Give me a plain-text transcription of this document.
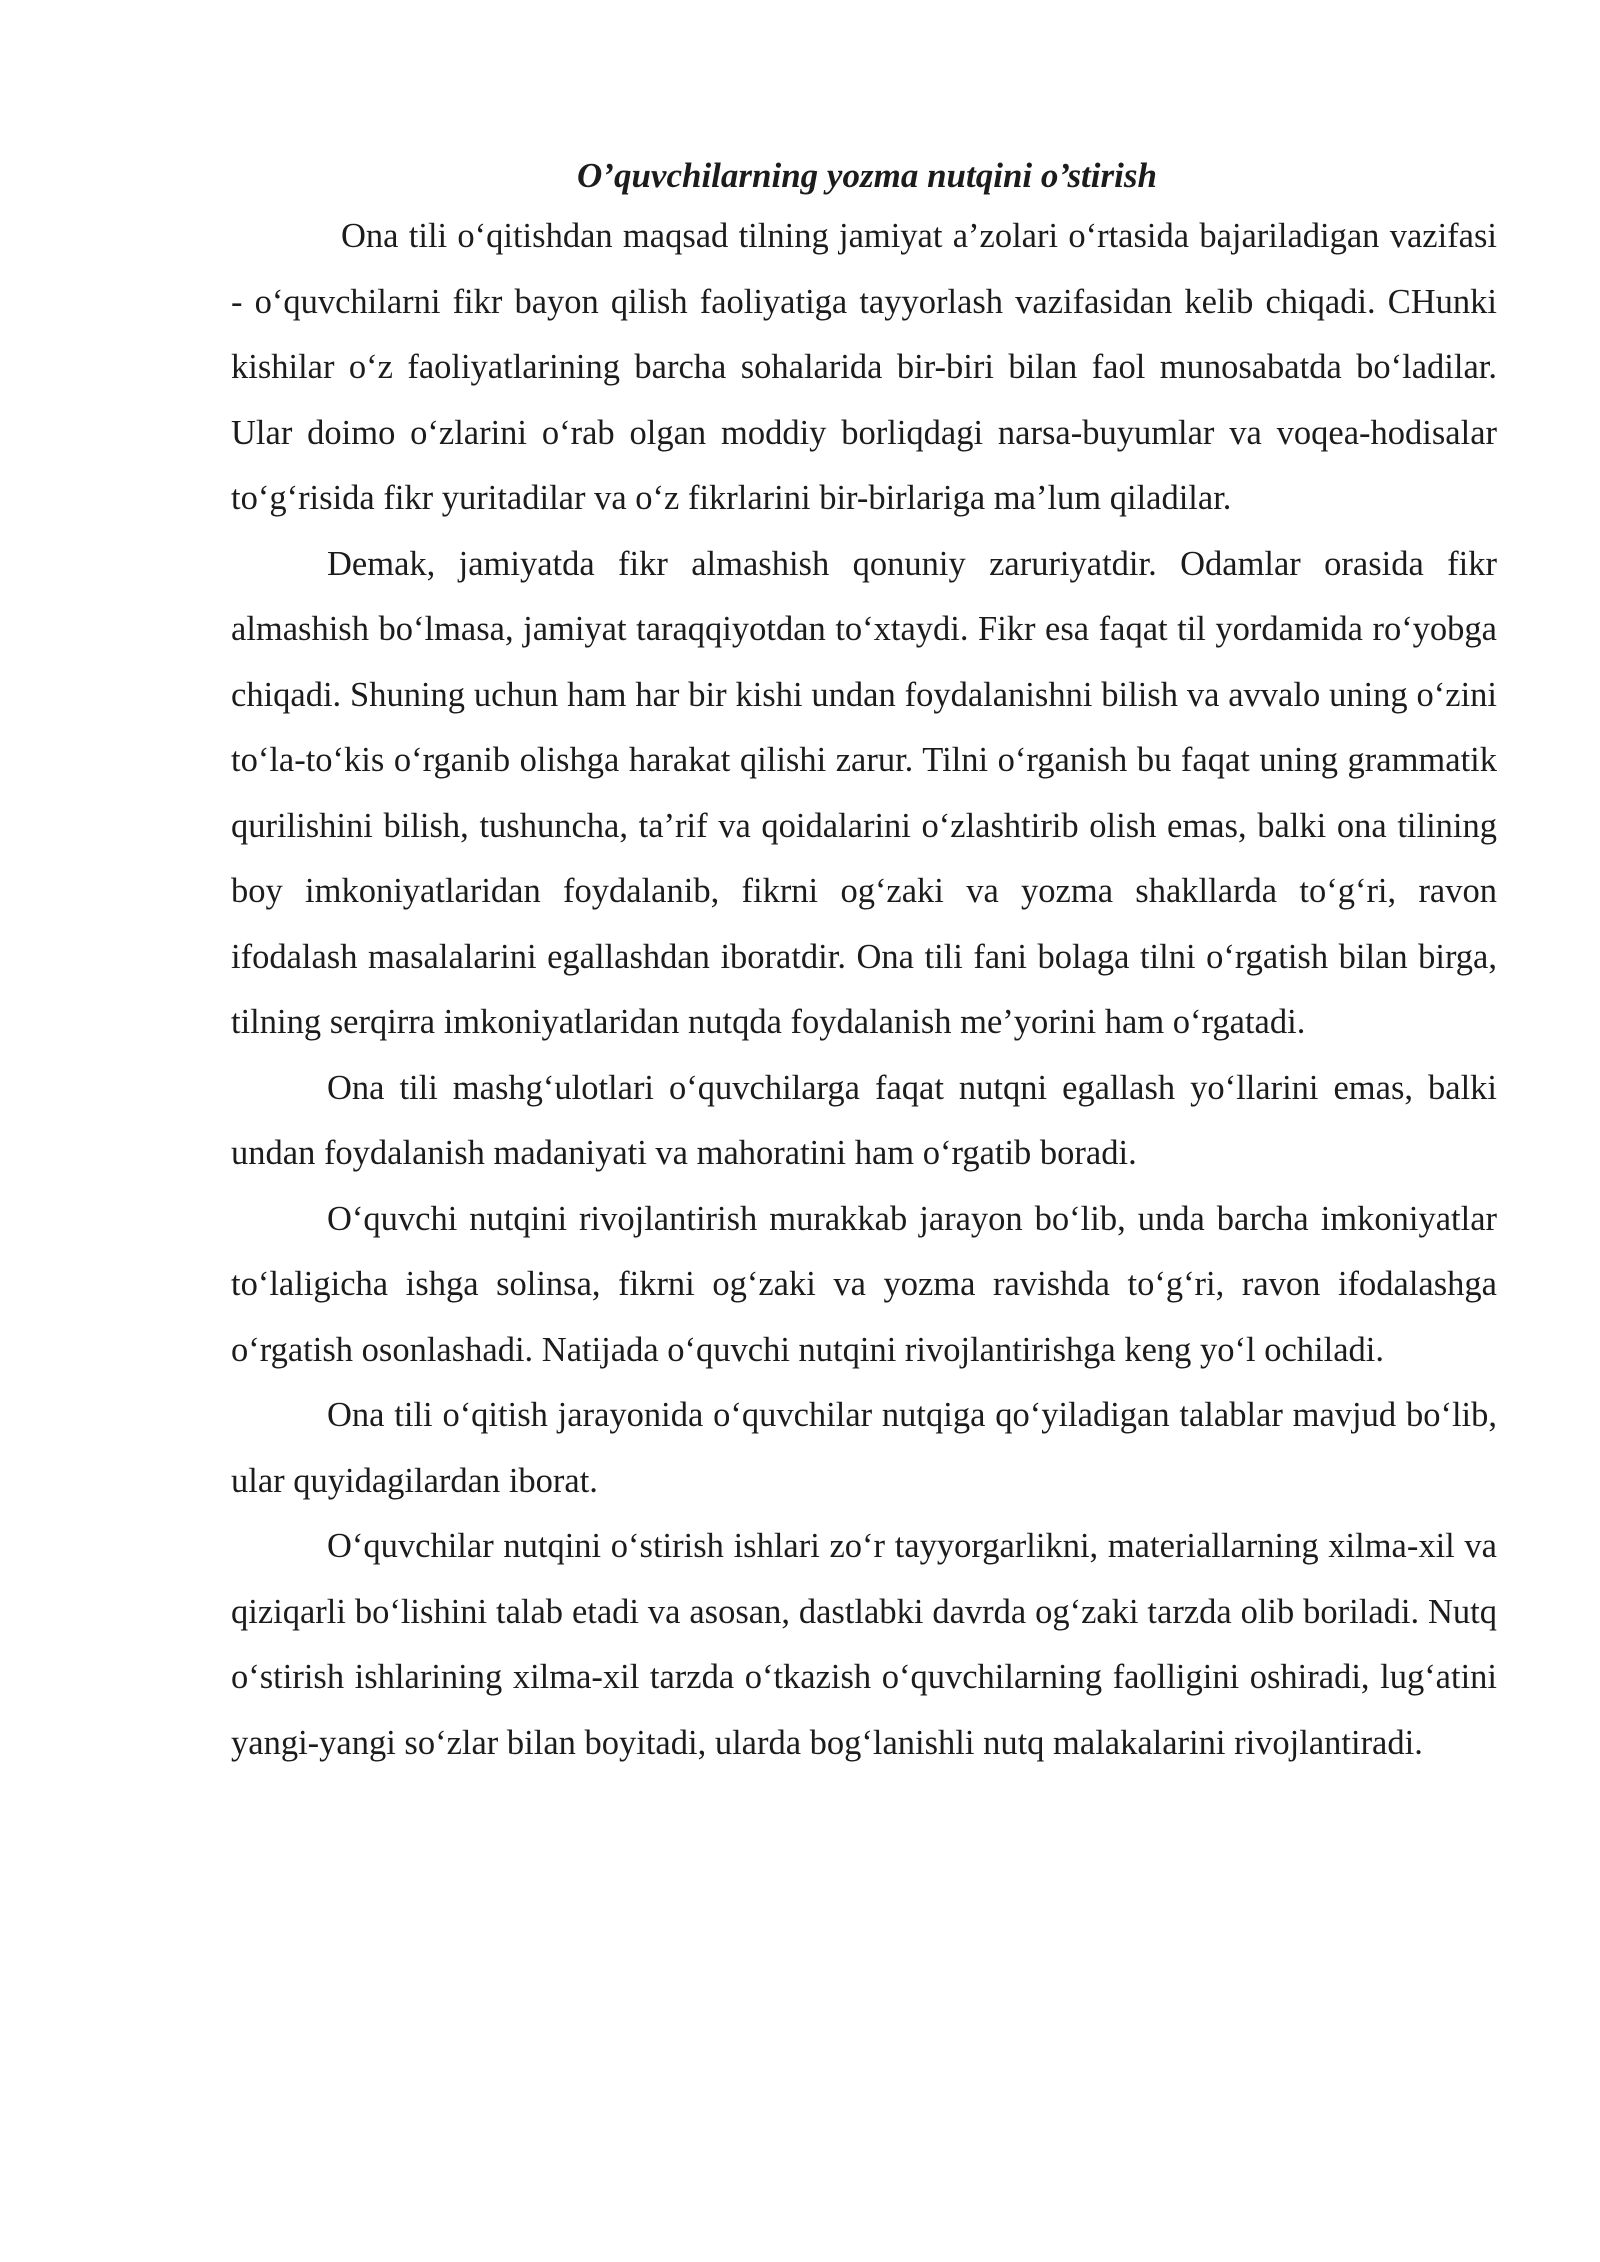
O’quvchilarning yozma nutqini o’stirish

Ona tili o‘qitishdan maqsad tilning jamiyat a’zolari o‘rtasida bajariladigan vazifasi - o‘quvchilarni fikr bayon qilish faoliyatiga tayyorlash vazifasidan kelib chiqadi. CHunki kishilar o‘z faoliyatlarining barcha sohalarida bir-biri bilan faol munosabatda bo‘ladilar. Ular doimo o‘zlarini o‘rab olgan moddiy borliqdagi narsa-buyumlar va voqea-hodisalar to‘g‘risida fikr yuritadilar va o‘z fikrlarini bir-birlariga ma’lum qiladilar.

Demak, jamiyatda fikr almashish qonuniy zaruriyatdir. Odamlar orasida fikr almashish bo‘lmasa, jamiyat taraqqiyotdan to‘xtaydi. Fikr esa faqat til yordamida ro‘yobga chiqadi. Shuning uchun ham har bir kishi undan foydalanishni bilish va avvalo uning o‘zini to‘la-to‘kis o‘rganib olishga harakat qilishi zarur. Tilni o‘rganish bu faqat uning grammatik qurilishini bilish, tushuncha, ta’rif va qoidalarini o‘zlashtirib olish emas, balki ona tilining boy imkoniyatlaridan foydalanib, fikrni og‘zaki va yozma shakllarda to‘g‘ri, ravon ifodalash masalalarini egallashdan iboratdir. Ona tili fani bolaga tilni o‘rgatish bilan birga, tilning serqirra imkoniyatlaridan nutqda foydalanish me’yorini ham o‘rgatadi.

Ona tili mashg‘ulotlari o‘quvchilarga faqat nutqni egallash yo‘llarini emas, balki undan foydalanish madaniyati va mahoratini ham o‘rgatib boradi.

O‘quvchi nutqini rivojlantirish murakkab jarayon bo‘lib, unda barcha imkoniyatlar to‘laligicha ishga solinsa, fikrni og‘zaki va yozma ravishda to‘g‘ri, ravon ifodalashga o‘rgatish osonlashadi. Natijada o‘quvchi nutqini rivojlantirishga keng yo‘l ochiladi.

Ona tili o‘qitish jarayonida o‘quvchilar nutqiga qo‘yiladigan talablar mavjud bo‘lib, ular quyidagilardan iborat.

O‘quvchilar nutqini o‘stirish ishlari zo‘r tayyorgarlikni, materiallarning xilma-xil va qiziqarli bo‘lishini talab etadi va asosan, dastlabki davrda og‘zaki tarzda olib boriladi. Nutq o‘stirish ishlarining xilma-xil tarzda o‘tkazish o‘quvchilarning faolligini oshiradi, lug‘atini yangi-yangi so‘zlar bilan boyitadi, ularda bog‘lanishli nutq malakalarini rivojlantiradi.
